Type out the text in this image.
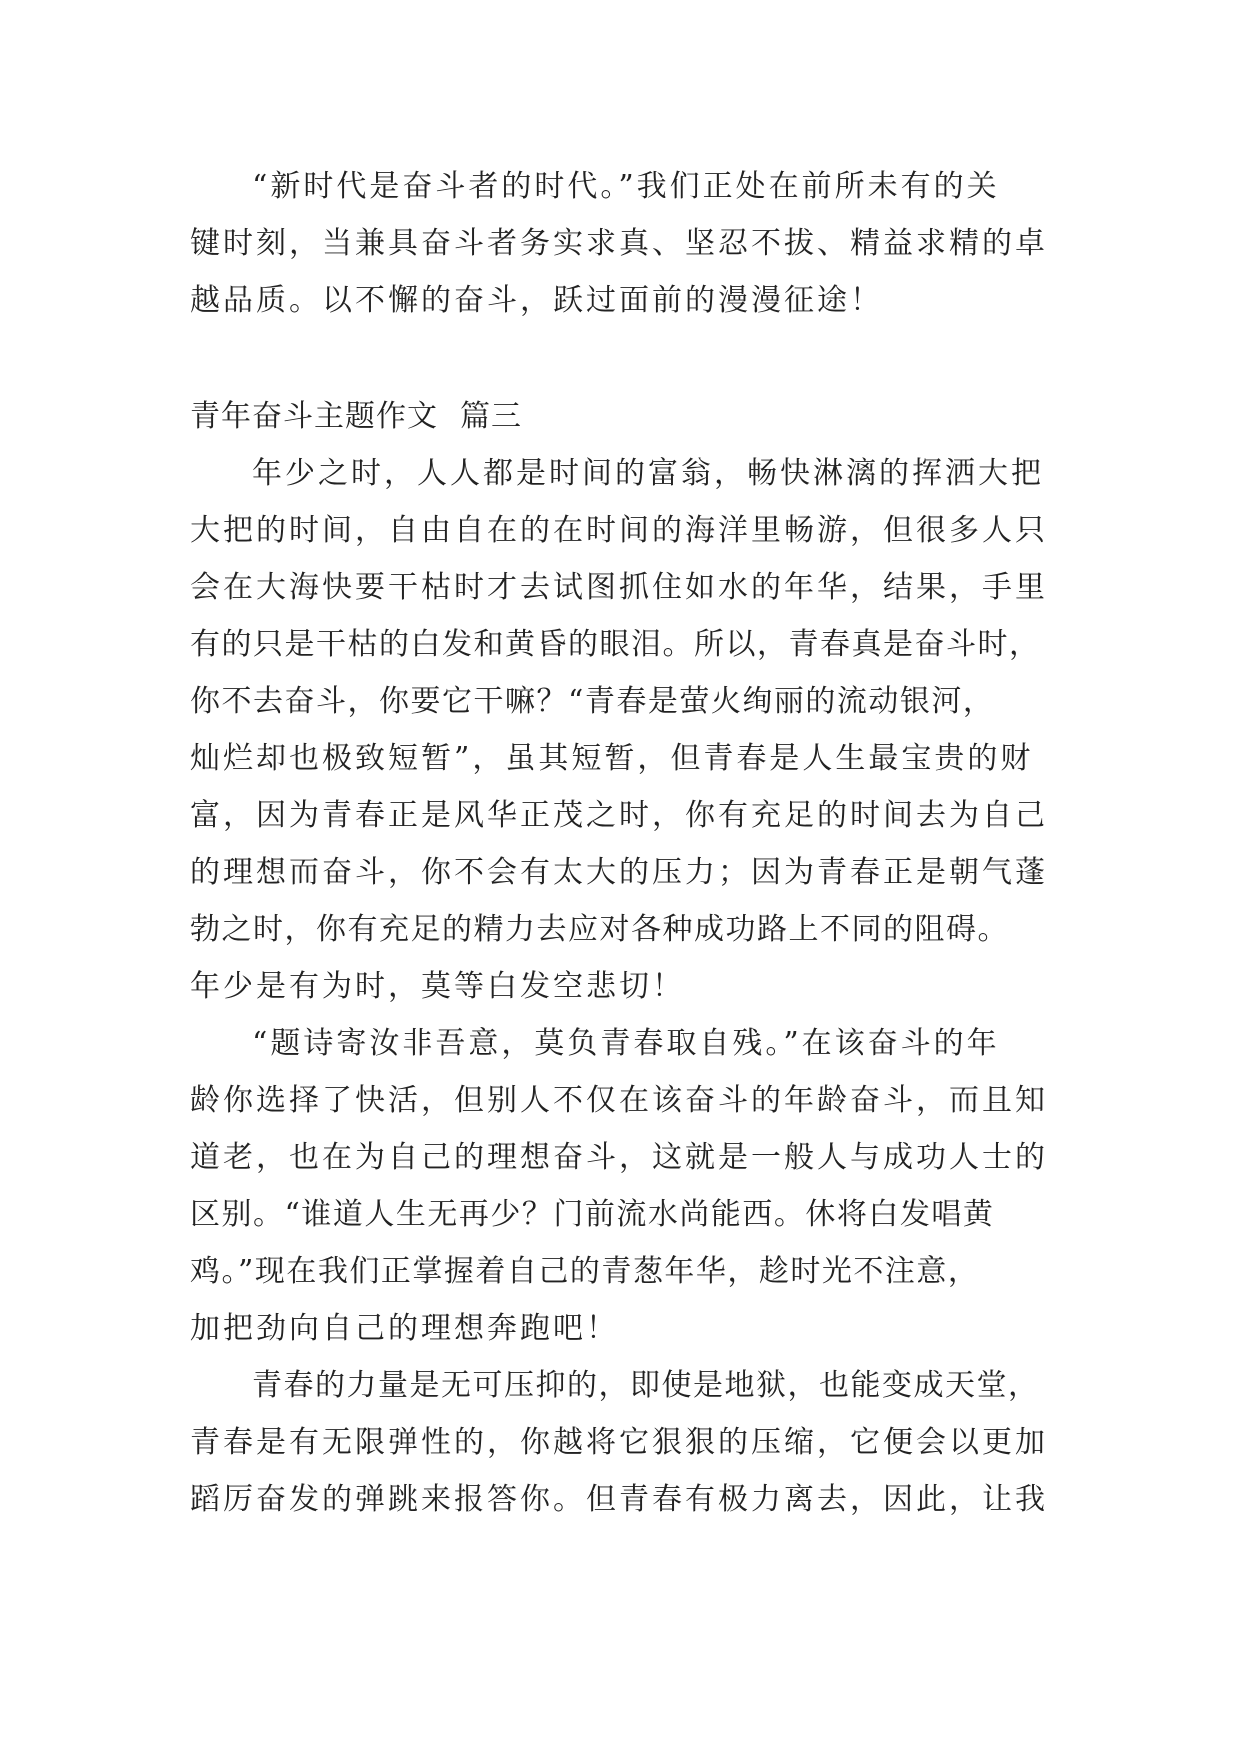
“新时代是奋斗者的时代。”我们正处在前所未有的关
键时刻，当兼具奋斗者务实求真、坚忍不拔、精益求精的卓
越品质。以不懈的奋斗，跃过面前的漫漫征途！
青年奋斗主题作文 篇三
年少之时，人人都是时间的富翁，畅快淋漓的挥洒大把
大把的时间，自由自在的在时间的海洋里畅游，但很多人只
会在大海快要干枯时才去试图抓住如水的年华，结果，手里
有的只是干枯的白发和黄昏的眼泪。所以，青春真是奋斗时，
你不去奋斗，你要它干嘛？“青春是萤火绚丽的流动银河，
灿烂却也极致短暂”，虽其短暂，但青春是人生最宝贵的财
富，因为青春正是风华正茂之时，你有充足的时间去为自己
的理想而奋斗，你不会有太大的压力；因为青春正是朝气蓬
勃之时，你有充足的精力去应对各种成功路上不同的阻碍。
年少是有为时，莫等白发空悲切！
“题诗寄汝非吾意，莫负青春取自残。”在该奋斗的年
龄你选择了快活，但别人不仅在该奋斗的年龄奋斗，而且知
道老，也在为自己的理想奋斗，这就是一般人与成功人士的
区别。“谁道人生无再少？门前流水尚能西。休将白发唱黄
鸡。”现在我们正掌握着自己的青葱年华，趁时光不注意，
加把劲向自己的理想奔跑吧！
青春的力量是无可压抑的，即使是地狱，也能变成天堂，
青春是有无限弹性的，你越将它狠狠的压缩，它便会以更加
蹈厉奋发的弹跳来报答你。但青春有极力离去，因此，让我
